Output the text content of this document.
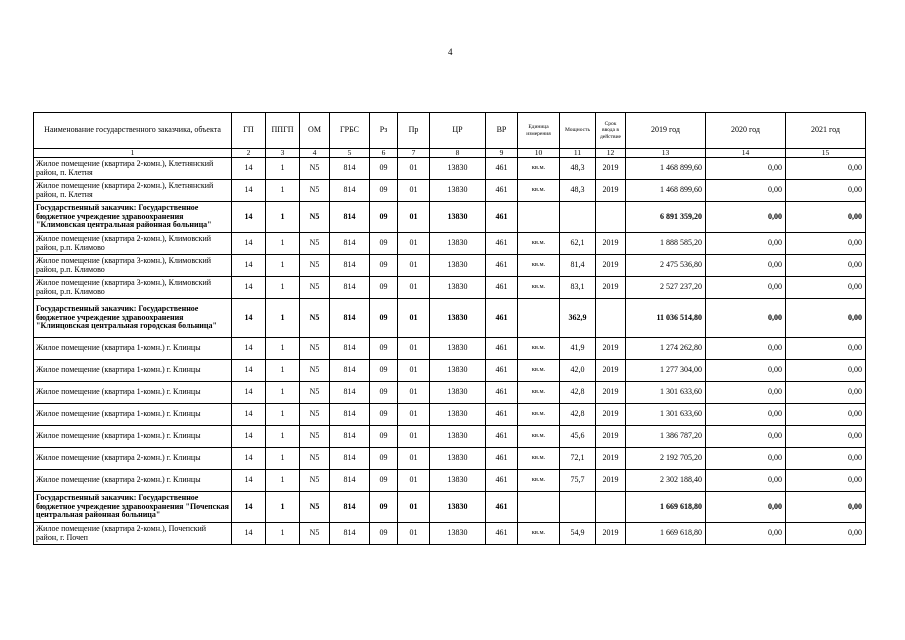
4
Наименование государственного заказчика, объекта	ГП	ППГП	ОМ	ГРБС	Рз	Пр	ЦР	ВР	Единица измерения	Мощность	Срок ввода в действие	2019 год	2020 год	2021 год
1	2	3	4	5	6	7	8	9	10	11	12	13	14	15
Жилое помещение (квартира 2-комн.), Клетнянский район, п. Клетня	14	1	N5	814	09	01	13830	461	кв.м.	48,3	2019	1 468 899,60	0,00	0,00
Жилое помещение (квартира 2-комн.), Клетнянский район, п. Клетня	14	1	N5	814	09	01	13830	461	кв.м.	48,3	2019	1 468 899,60	0,00	0,00
Государственный заказчик: Государственное бюджетное учреждение здравоохранения "Климовская центральная районная больница"	14	1	N5	814	09	01	13830	461				6 891 359,20	0,00	0,00
Жилое помещение (квартира 2-комн.), Климовский район, р.п. Климово	14	1	N5	814	09	01	13830	461	кв.м.	62,1	2019	1 888 585,20	0,00	0,00
Жилое помещение (квартира 3-комн.), Климовский район, р.п. Климово	14	1	N5	814	09	01	13830	461	кв.м.	81,4	2019	2 475 536,80	0,00	0,00
Жилое помещение (квартира 3-комн.), Климовский район, р.п. Климово	14	1	N5	814	09	01	13830	461	кв.м.	83,1	2019	2 527 237,20	0,00	0,00
Государственный заказчик: Государственное бюджетное учреждение здравоохранения "Клинцовская центральная городская больница"	14	1	N5	814	09	01	13830	461		362,9		11 036 514,80	0,00	0,00
Жилое помещение (квартира 1-комн.) г. Клинцы	14	1	N5	814	09	01	13830	461	кв.м.	41,9	2019	1 274 262,80	0,00	0,00
Жилое помещение (квартира 1-комн.) г. Клинцы	14	1	N5	814	09	01	13830	461	кв.м.	42,0	2019	1 277 304,00	0,00	0,00
Жилое помещение (квартира 1-комн.) г. Клинцы	14	1	N5	814	09	01	13830	461	кв.м.	42,8	2019	1 301 633,60	0,00	0,00
Жилое помещение (квартира 1-комн.) г. Клинцы	14	1	N5	814	09	01	13830	461	кв.м.	42,8	2019	1 301 633,60	0,00	0,00
Жилое помещение (квартира 1-комн.) г. Клинцы	14	1	N5	814	09	01	13830	461	кв.м.	45,6	2019	1 386 787,20	0,00	0,00
Жилое помещение (квартира 2-комн.) г. Клинцы	14	1	N5	814	09	01	13830	461	кв.м.	72,1	2019	2 192 705,20	0,00	0,00
Жилое помещение (квартира 2-комн.) г. Клинцы	14	1	N5	814	09	01	13830	461	кв.м.	75,7	2019	2 302 188,40	0,00	0,00
Государственный заказчик: Государственное бюджетное учреждение здравоохранения "Почепская центральная районная больница"	14	1	N5	814	09	01	13830	461				1 669 618,80	0,00	0,00
Жилое помещение (квартира 2-комн.), Почепский район, г. Почеп	14	1	N5	814	09	01	13830	461	кв.м.	54,9	2019	1 669 618,80	0,00	0,00
